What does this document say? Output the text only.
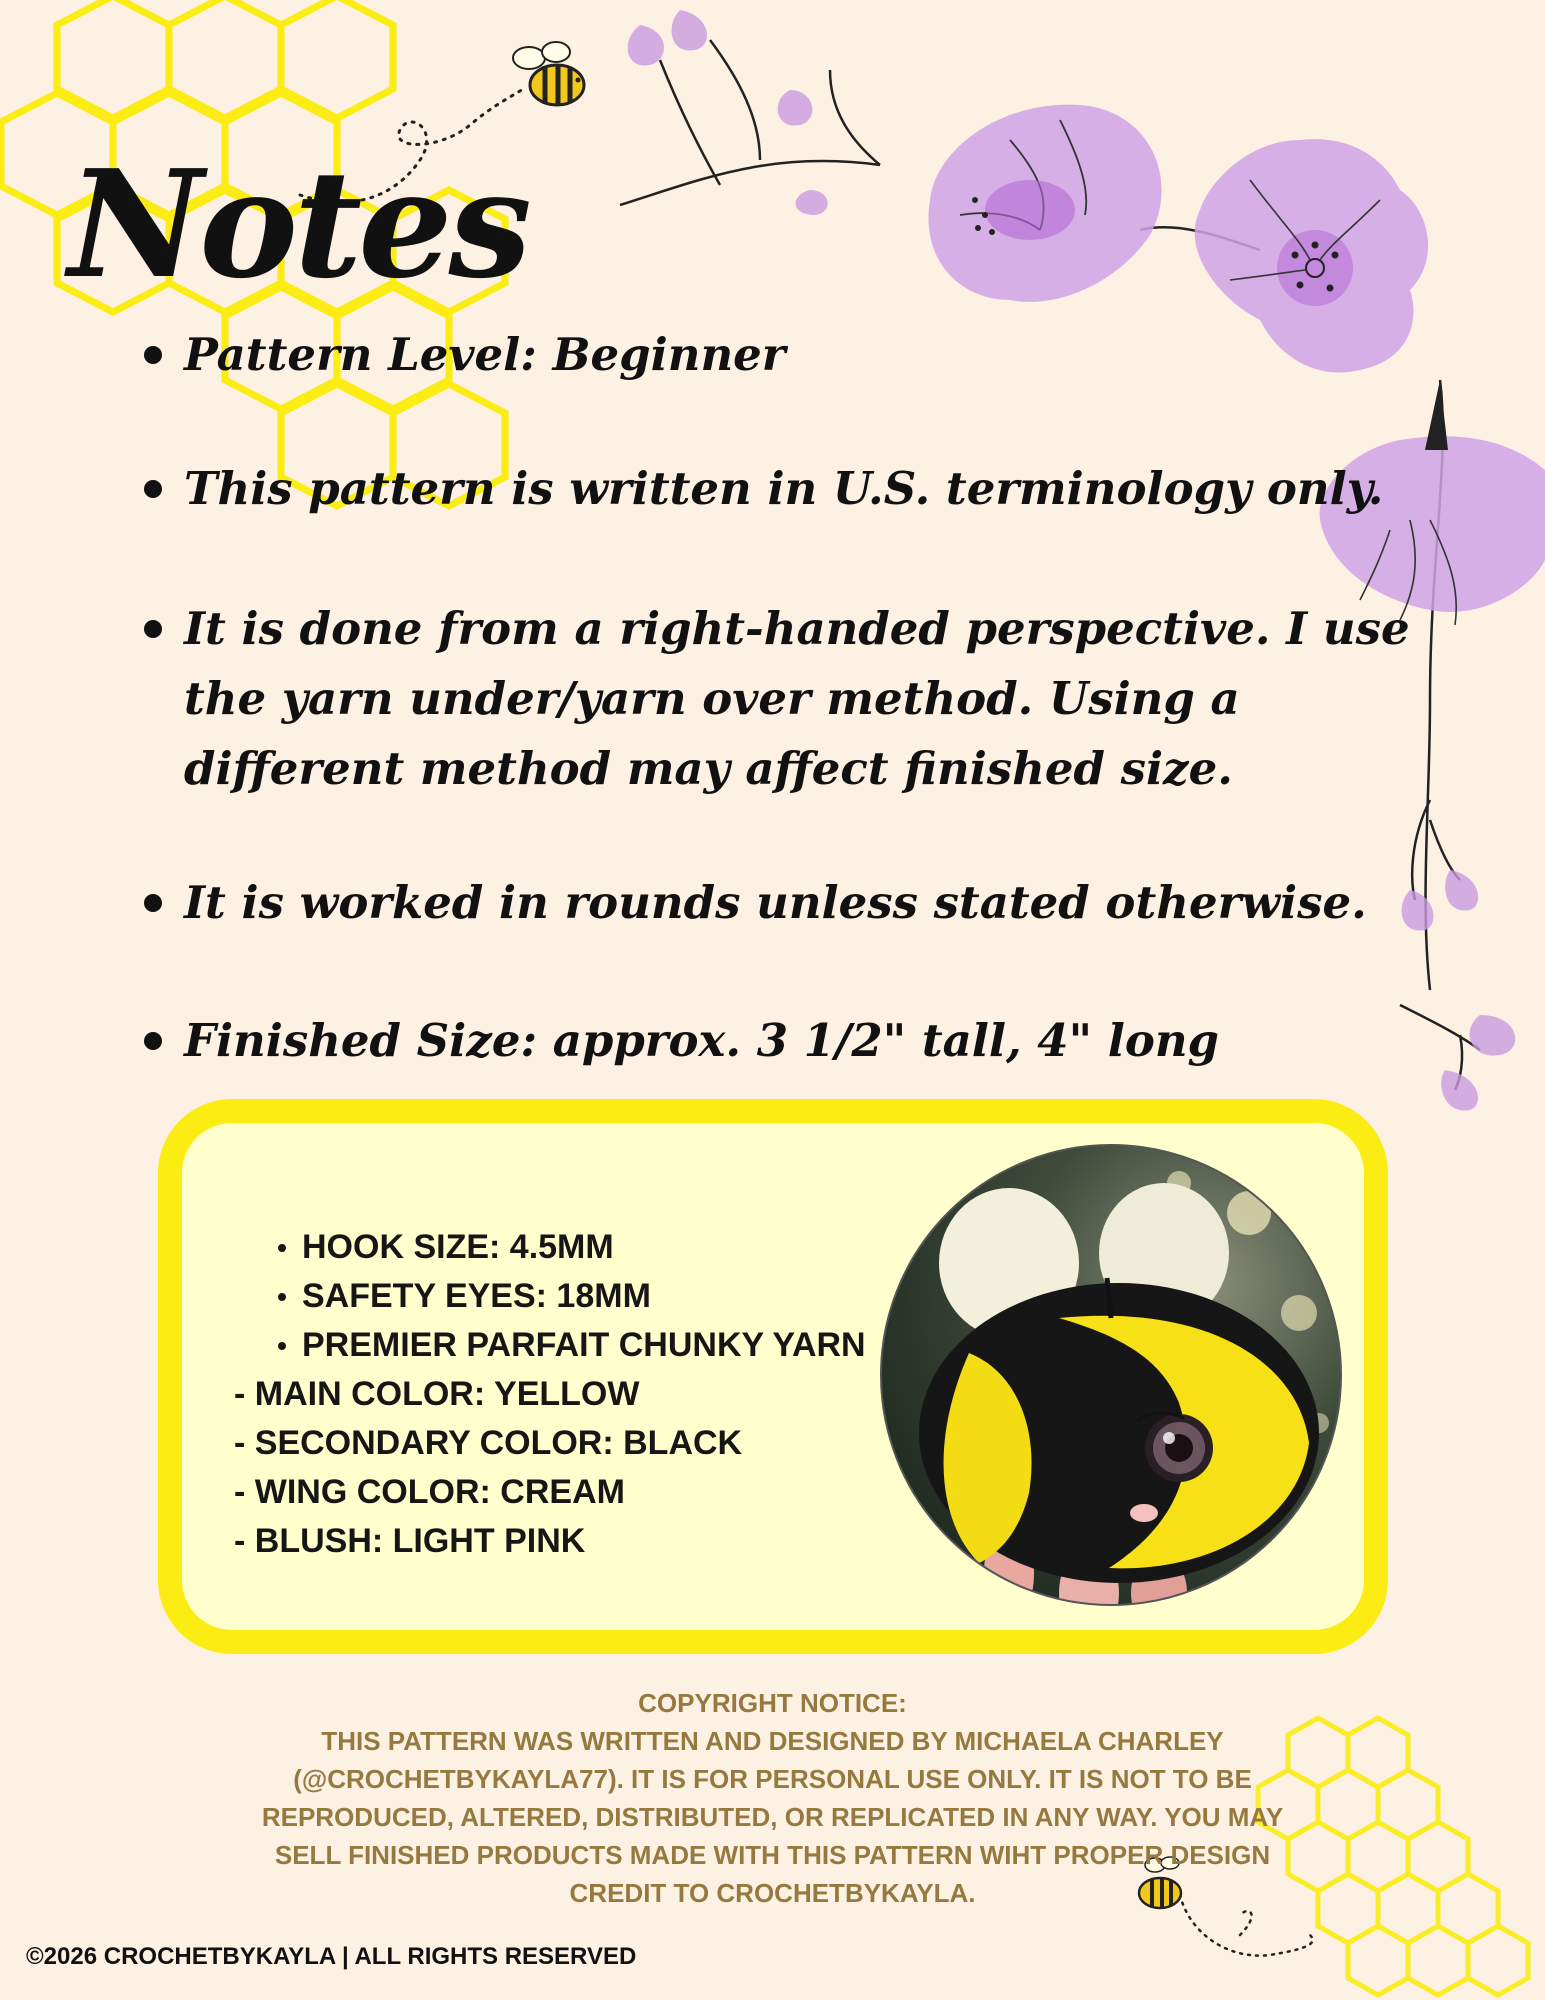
Notes
Pattern Level: Beginner
This pattern is written in U.S. terminology only.
It is done from a right-handed perspective. I use the yarn under/yarn over method. Using a different method may affect finished size.
It is worked in rounds unless stated otherwise.
Finished Size: approx. 3 1/2" tall, 4" long
HOOK SIZE: 4.5MM
SAFETY EYES: 18MM
PREMIER PARFAIT CHUNKY YARN
- MAIN COLOR: YELLOW
- SECONDARY COLOR: BLACK
- WING COLOR: CREAM
- BLUSH: LIGHT PINK
COPYRIGHT NOTICE:
THIS PATTERN WAS WRITTEN AND DESIGNED BY MICHAELA CHARLEY
(@CROCHETBYKAYLA77). IT IS FOR PERSONAL USE ONLY. IT IS NOT TO BE
REPRODUCED, ALTERED, DISTRIBUTED, OR REPLICATED IN ANY WAY. YOU MAY
SELL FINISHED PRODUCTS MADE WITH THIS PATTERN WIHT PROPER DESIGN
CREDIT TO CROCHETBYKAYLA.
©2026 CROCHETBYKAYLA | ALL RIGHTS RESERVED
